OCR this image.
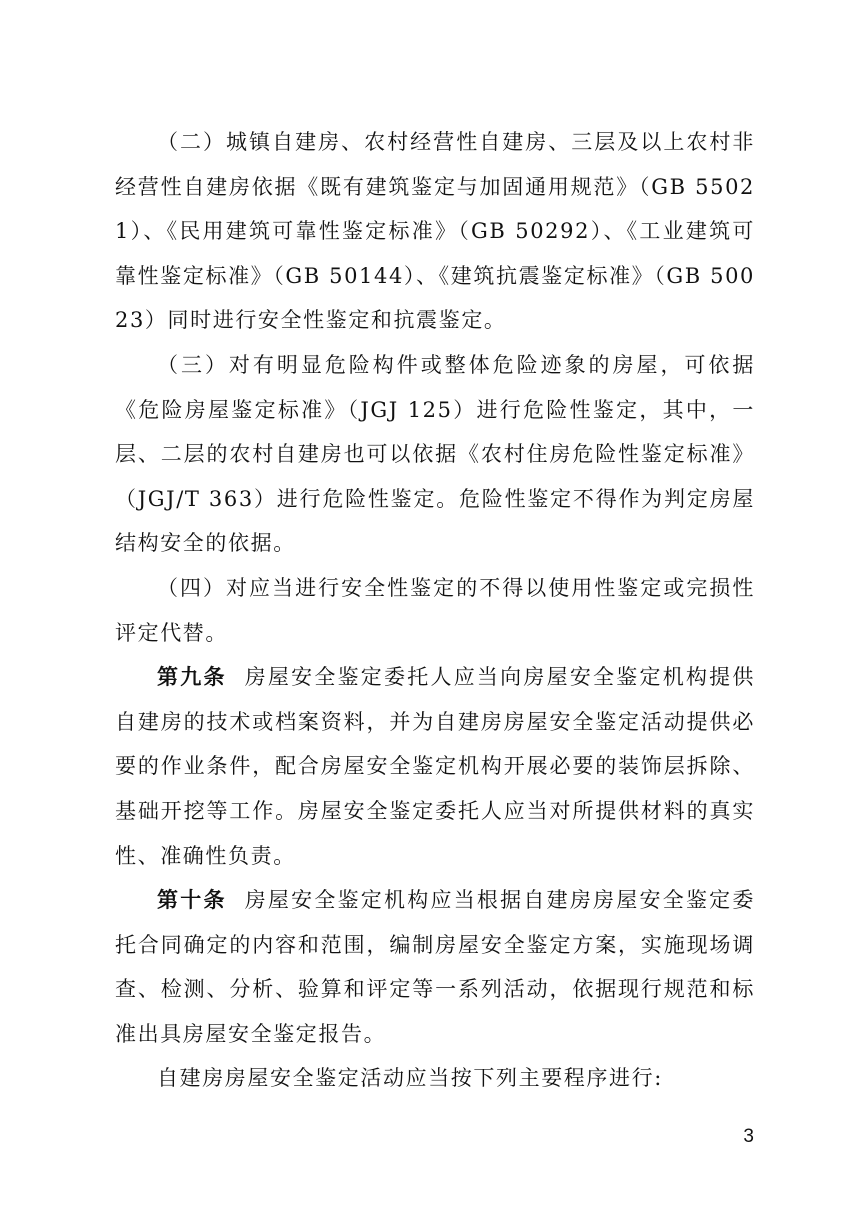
（二）城镇自建房、农村经营性自建房、三层及以上农村非经营性自建房依据《既有建筑鉴定与加固通用规范》（GB 55021）、《民用建筑可靠性鉴定标准》（GB 50292）、《工业建筑可靠性鉴定标准》（GB 50144）、《建筑抗震鉴定标准》（GB 50023）同时进行安全性鉴定和抗震鉴定。

（三）对有明显危险构件或整体危险迹象的房屋，可依据《危险房屋鉴定标准》（JGJ 125）进行危险性鉴定，其中，一层、二层的农村自建房也可以依据《农村住房危险性鉴定标准》（JGJ/T 363）进行危险性鉴定。危险性鉴定不得作为判定房屋结构安全的依据。

（四）对应当进行安全性鉴定的不得以使用性鉴定或完损性评定代替。

第九条 房屋安全鉴定委托人应当向房屋安全鉴定机构提供自建房的技术或档案资料，并为自建房房屋安全鉴定活动提供必要的作业条件，配合房屋安全鉴定机构开展必要的装饰层拆除、基础开挖等工作。房屋安全鉴定委托人应当对所提供材料的真实性、准确性负责。

第十条 房屋安全鉴定机构应当根据自建房房屋安全鉴定委托合同确定的内容和范围，编制房屋安全鉴定方案，实施现场调查、检测、分析、验算和评定等一系列活动，依据现行规范和标准出具房屋安全鉴定报告。

自建房房屋安全鉴定活动应当按下列主要程序进行:

3
